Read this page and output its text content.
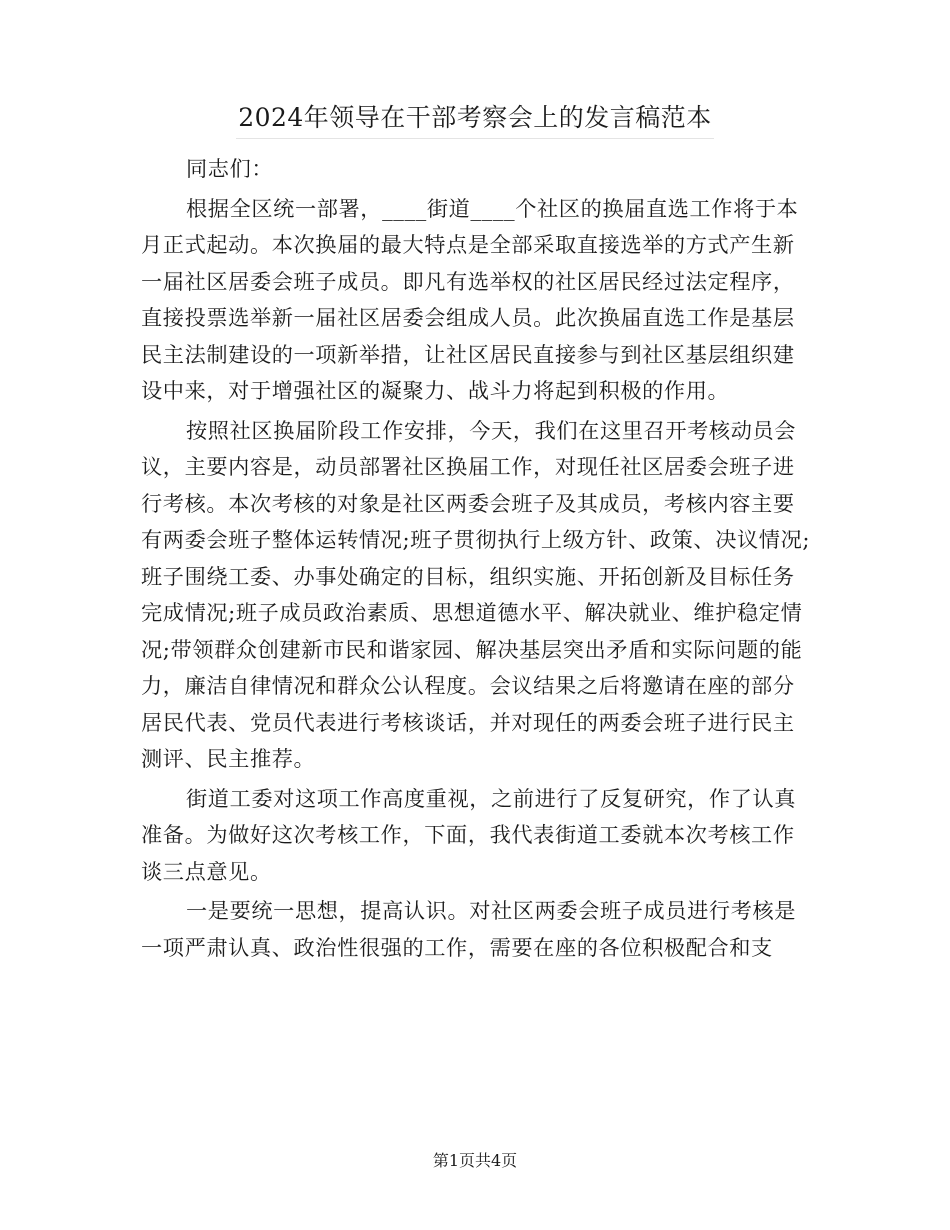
2024年领导在干部考察会上的发言稿范本
同志们：
根据全区统一部署，____街道____个社区的换届直选工作将于本
月正式起动。本次换届的最大特点是全部采取直接选举的方式产生新
一届社区居委会班子成员。即凡有选举权的社区居民经过法定程序，
直接投票选举新一届社区居委会组成人员。此次换届直选工作是基层
民主法制建设的一项新举措，让社区居民直接参与到社区基层组织建
设中来，对于增强社区的凝聚力、战斗力将起到积极的作用。
按照社区换届阶段工作安排，今天，我们在这里召开考核动员会
议，主要内容是，动员部署社区换届工作，对现任社区居委会班子进
行考核。本次考核的对象是社区两委会班子及其成员，考核内容主要
有两委会班子整体运转情况;班子贯彻执行上级方针、政策、决议情况;
班子围绕工委、办事处确定的目标，组织实施、开拓创新及目标任务
完成情况;班子成员政治素质、思想道德水平、解决就业、维护稳定情
况;带领群众创建新市民和谐家园、解决基层突出矛盾和实际问题的能
力，廉洁自律情况和群众公认程度。会议结果之后将邀请在座的部分
居民代表、党员代表进行考核谈话，并对现任的两委会班子进行民主
测评、民主推荐。
街道工委对这项工作高度重视，之前进行了反复研究，作了认真
准备。为做好这次考核工作，下面，我代表街道工委就本次考核工作
谈三点意见。
一是要统一思想，提高认识。对社区两委会班子成员进行考核是
一项严肃认真、政治性很强的工作，需要在座的各位积极配合和支
第1页共4页
